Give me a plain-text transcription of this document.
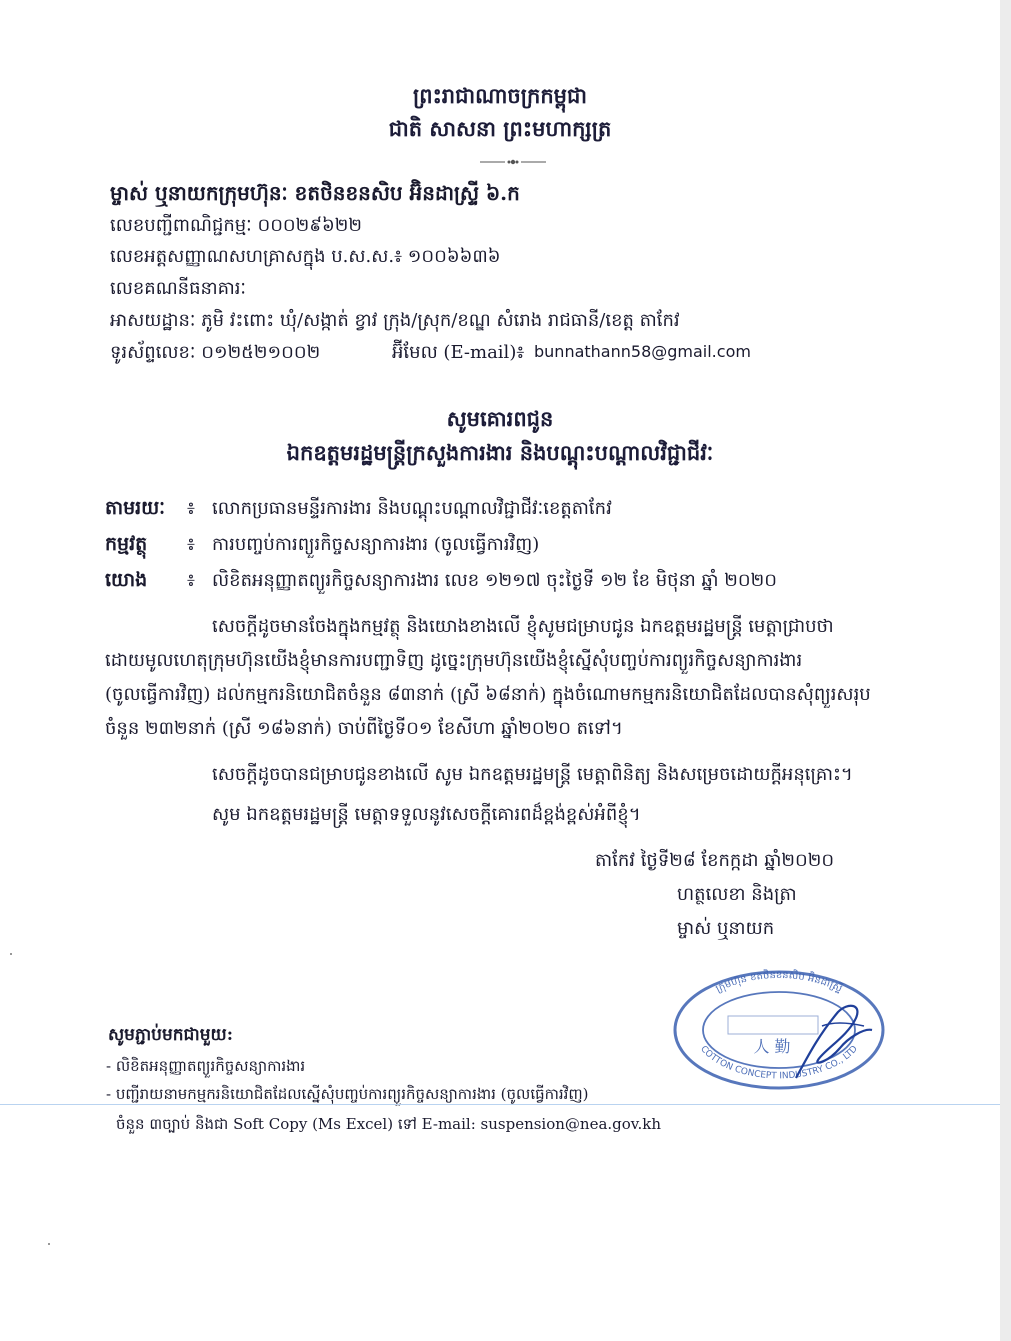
ព្រះរាជាណាចក្រកម្ពុជា
ជាតិ សាសនា ព្រះមហាក្សត្រ
ម្ចាស់ ឬនាយកក្រុមហ៊ុនៈ ខតថិនខនសិប អ៊ិនដាស្រ្ទី ៦.ក
លេខបញ្ជីពាណិជ្ជកម្មៈ ០០០២៩៦២២
លេខអត្តសញ្ញាណសហគ្រាសក្នុង ប.ស.ស.៖ ១០០៦៦៣៦
លេខគណនីធនាគារៈ
អាសយដ្ឋានៈ ភូមិ វះពោះ ឃុំ/សង្កាត់ ខ្វាវ ក្រុង/ស្រុក/ខណ្ឌ សំរោង រាជធានី/ខេត្ត តាកែវ
ទូរស័ព្ទលេខៈ ០១២៥២១០០២	អ៊ីមែល (E-mail)៖ bunnathann58@gmail.com
សូមគោរពជូន
ឯកឧត្តមរដ្ឋមន្ត្រីក្រសួងការងារ និងបណ្តុះបណ្តាលវិជ្ជាជីវៈ
តាមរយៈ ៖ លោកប្រធានមន្ទីរការងារ និងបណ្តុះបណ្តាលវិជ្ជាជីវៈខេត្តតាកែវ
កម្មវត្ថុ ៖ ការបញ្ចប់ការព្យួរកិច្ចសន្យាការងារ (ចូលធ្វើការវិញ)
យោង ៖ លិខិតអនុញ្ញាតព្យួរកិច្ចសន្យាការងារ លេខ ១២១៧ ចុះថ្ងៃទី ១២ ខែ មិថុនា ឆ្នាំ ២០២០
សេចក្តីដូចមានចែងក្នុងកម្មវត្ថុ និងយោងខាងលើ ខ្ញុំសូមជម្រាបជូន ឯកឧត្តមរដ្ឋមន្ត្រី មេត្តាជ្រាបថា
ដោយមូលហេតុក្រុមហ៊ុនយើងខ្ញុំមានការបញ្ជាទិញ ដូច្នេះក្រុមហ៊ុនយើងខ្ញុំស្នើសុំបញ្ចប់ការព្យួរកិច្ចសន្យាការងារ
(ចូលធ្វើការវិញ) ដល់កម្មករនិយោជិតចំនួន ៨៣នាក់ (ស្រី ៦៨នាក់) ក្នុងចំណោមកម្មករនិយោជិតដែលបានសុំព្យួរសរុប
ចំនួន ២៣២នាក់ (ស្រី ១៨៦នាក់) ចាប់ពីថ្ងៃទី០១ ខែសីហា ឆ្នាំ២០២០ តទៅ។
សេចក្តីដូចបានជម្រាបជូនខាងលើ សូម ឯកឧត្តមរដ្ឋមន្ត្រី មេត្តាពិនិត្យ និងសម្រេចដោយក្តីអនុគ្រោះ។
សូម ឯកឧត្តមរដ្ឋមន្ត្រី មេត្តាទទួលនូវសេចក្តីគោរពដ៏ខ្ពង់ខ្ពស់អំពីខ្ញុំ។
តាកែវ ថ្ងៃទី២៨ ខែកក្កដា ឆ្នាំ២០២០
ហត្ថលេខា និងត្រា
ម្ចាស់ ឬនាយក
ក្រុមហ៊ុន ខតថិនខនសិប អ៊ិនដាស្ទ្រី
COTTON CONCEPT INDUSTRY CO., LTD
人 勤
សូមភ្ជាប់មកជាមួយ:
- លិខិតអនុញ្ញាតព្យួរកិច្ចសន្យាការងារ
- បញ្ជីរាយនាមកម្មករនិយោជិតដែលស្នើសុំបញ្ចប់ការព្យួរកិច្ចសន្យាការងារ (ចូលធ្វើការវិញ)
ចំនួន ៣ច្បាប់ និងជា Soft Copy (Ms Excel) ទៅ E-mail: suspension@nea.gov.kh
